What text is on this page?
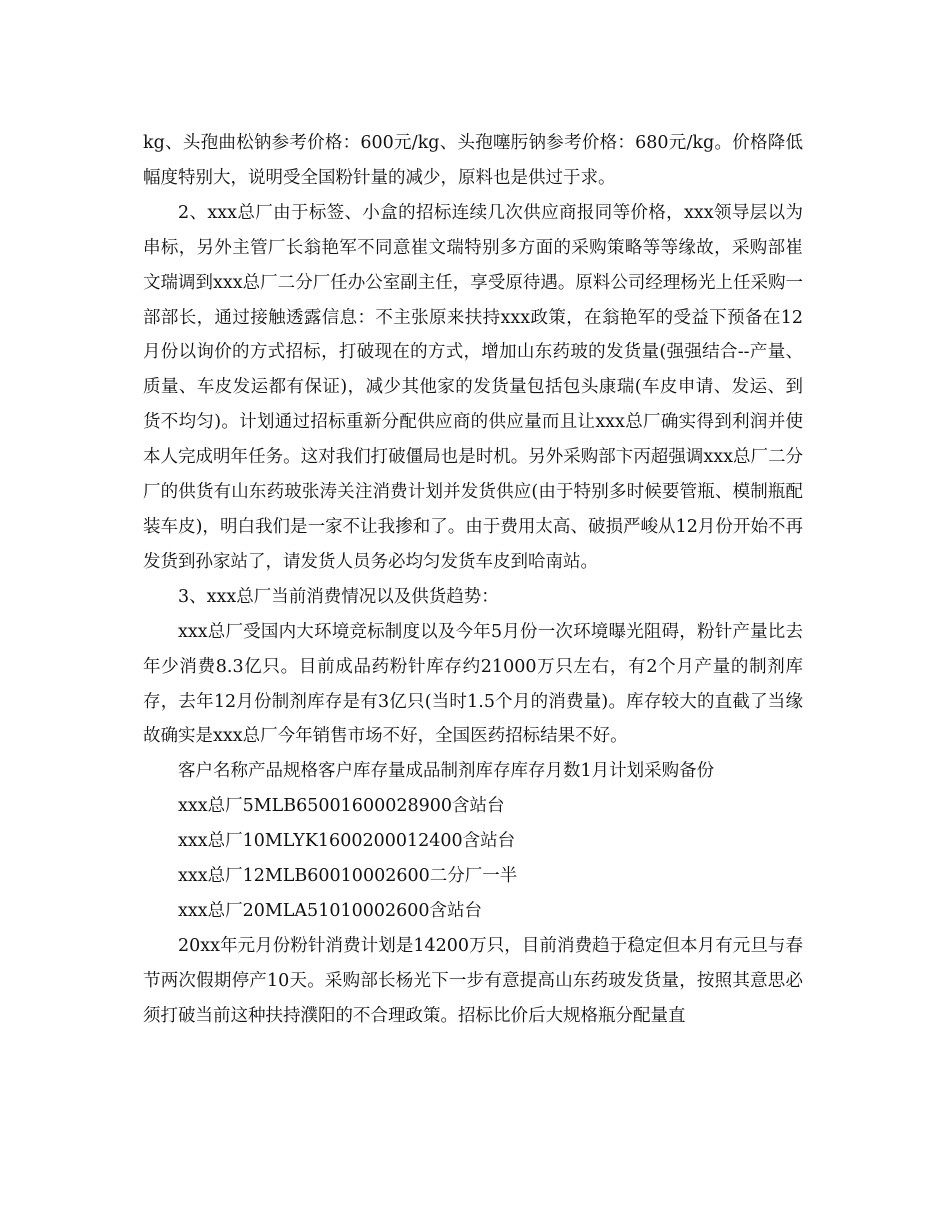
kg、头孢曲松钠参考价格：600元/kg、头孢噻肟钠参考价格：680元/kg。价格降低幅度特别大，说明受全国粉针量的减少，原料也是供过于求。

2、xxx总厂由于标签、小盒的招标连续几次供应商报同等价格，xxx领导层以为串标，另外主管厂长翁艳军不同意崔文瑞特别多方面的采购策略等等缘故，采购部崔文瑞调到xxx总厂二分厂任办公室副主任，享受原待遇。原料公司经理杨光上任采购一部部长，通过接触透露信息：不主张原来扶持xxx政策，在翁艳军的受益下预备在12月份以询价的方式招标，打破现在的方式，增加山东药玻的发货量(强强结合--产量、质量、车皮发运都有保证)，减少其他家的发货量包括包头康瑞(车皮申请、发运、到货不均匀)。计划通过招标重新分配供应商的供应量而且让xxx总厂确实得到利润并使本人完成明年任务。这对我们打破僵局也是时机。另外采购部卞丙超强调xxx总厂二分厂的供货有山东药玻张涛关注消费计划并发货供应(由于特别多时候要管瓶、模制瓶配装车皮)，明白我们是一家不让我掺和了。由于费用太高、破损严峻从12月份开始不再发货到孙家站了，请发货人员务必均匀发货车皮到哈南站。

3、xxx总厂当前消费情况以及供货趋势：

xxx总厂受国内大环境竞标制度以及今年5月份一次环境曝光阻碍，粉针产量比去年少消费8.3亿只。目前成品药粉针库存约21000万只左右，有2个月产量的制剂库存，去年12月份制剂库存是有3亿只(当时1.5个月的消费量)。库存较大的直截了当缘故确实是xxx总厂今年销售市场不好，全国医药招标结果不好。

客户名称产品规格客户库存量成品制剂库存库存月数1月计划采购备份

xxx总厂5MLB65001600028900含站台

xxx总厂10MLYK1600200012400含站台

xxx总厂12MLB60010002600二分厂一半

xxx总厂20MLA51010002600含站台

20xx年元月份粉针消费计划是14200万只，目前消费趋于稳定但本月有元旦与春节两次假期停产10天。采购部长杨光下一步有意提高山东药玻发货量，按照其意思必须打破当前这种扶持濮阳的不合理政策。招标比价后大规格瓶分配量直
